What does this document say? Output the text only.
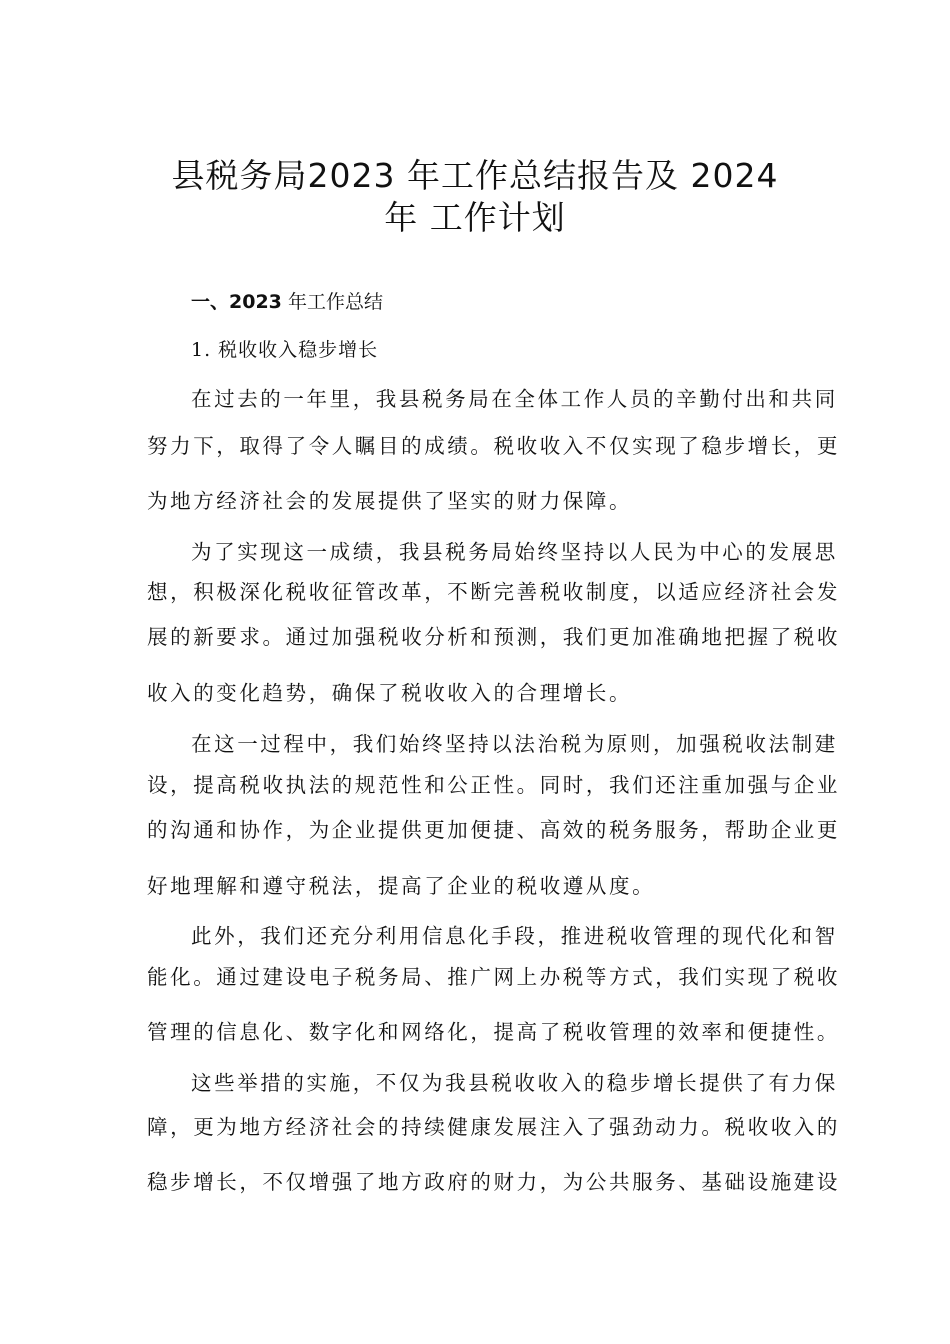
县税务局2023 年工作总结报告及 2024
年 工作计划
一、2023 年工作总结
1. 税收收入稳步增长
在过去的一年里，我县税务局在全体工作人员的辛勤付出和共同
努力下，取得了令人瞩目的成绩。税收收入不仅实现了稳步增长，更
为地方经济社会的发展提供了坚实的财力保障。
为了实现这一成绩，我县税务局始终坚持以人民为中心的发展思
想，积极深化税收征管改革，不断完善税收制度，以适应经济社会发
展的新要求。通过加强税收分析和预测，我们更加准确地把握了税收
收入的变化趋势，确保了税收收入的合理增长。
在这一过程中，我们始终坚持以法治税为原则，加强税收法制建
设，提高税收执法的规范性和公正性。同时，我们还注重加强与企业
的沟通和协作，为企业提供更加便捷、高效的税务服务，帮助企业更
好地理解和遵守税法，提高了企业的税收遵从度。
此外，我们还充分利用信息化手段，推进税收管理的现代化和智
能化。通过建设电子税务局、推广网上办税等方式，我们实现了税收
管理的信息化、数字化和网络化，提高了税收管理的效率和便捷性。
这些举措的实施，不仅为我县税收收入的稳步增长提供了有力保
障，更为地方经济社会的持续健康发展注入了强劲动力。税收收入的
稳步增长，不仅增强了地方政府的财力，为公共服务、基础设施建设
